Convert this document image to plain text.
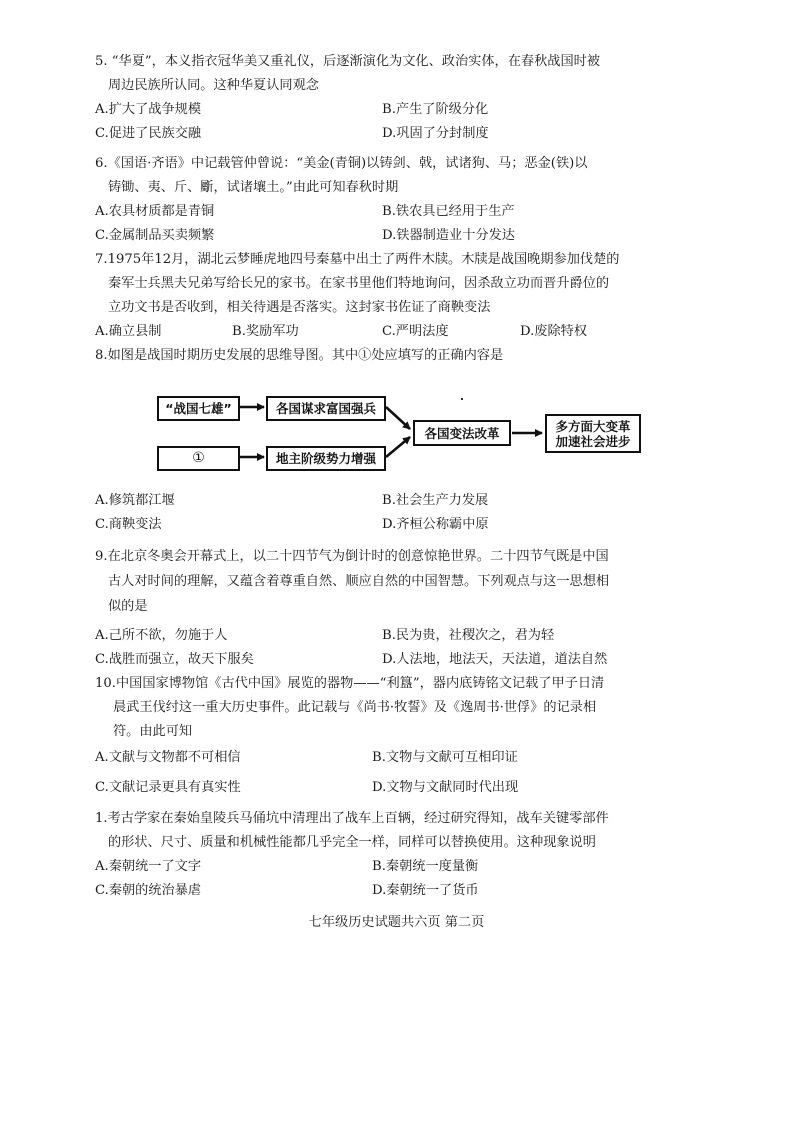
5. “华夏”，本义指衣冠华美又重礼仪，后逐渐演化为文化、政治实体，在春秋战国时被
周边民族所认同。这种华夏认同观念
A.扩大了战争规模	B.产生了阶级分化
C.促进了民族交融	D.巩固了分封制度
6.《国语·齐语》中记载管仲曾说：“美金(青铜)以铸剑、戟，试诸狗、马；恶金(铁)以
铸锄、夷、斤、斸，试诸壤土。”由此可知春秋时期
A.农具材质都是青铜	B.铁农具已经用于生产
C.金属制品买卖频繁	D.铁器制造业十分发达
7.1975年12月，湖北云梦睡虎地四号秦墓中出土了两件木牍。木牍是战国晚期参加伐楚的
秦军士兵黑夫兄弟写给长兄的家书。在家书里他们特地询问，因杀敌立功而晋升爵位的
立功文书是否收到，相关待遇是否落实。这封家书佐证了商鞅变法
A.确立县制	B.奖励军功	C.严明法度	D.废除特权
8.如图是战国时期历史发展的思维导图。其中①处应填写的正确内容是
“战国七雄”	各国谋求富国强兵
①	地主阶级势力增强
各国变法改革	多方面大变革
加速社会进步
A.修筑都江堰	B.社会生产力发展
C.商鞅变法	D.齐桓公称霸中原
9.在北京冬奥会开幕式上，以二十四节气为倒计时的创意惊艳世界。二十四节气既是中国
古人对时间的理解，又蕴含着尊重自然、顺应自然的中国智慧。下列观点与这一思想相
似的是
A.己所不欲，勿施于人	B.民为贵，社稷次之，君为轻
C.战胜而强立，故天下服矣	D.人法地，地法天，天法道，道法自然
10.中国国家博物馆《古代中国》展览的器物——“利簋”，器内底铸铭文记载了甲子日清
晨武王伐纣这一重大历史事件。此记载与《尚书·牧誓》及《逸周书·世俘》的记录相
符。由此可知
A.文献与文物都不可相信	B.文物与文献可互相印证
C.文献记录更具有真实性	D.文物与文献同时代出现
1.考古学家在秦始皇陵兵马俑坑中清理出了战车上百辆，经过研究得知，战车关键零部件
的形状、尺寸、质量和机械性能都几乎完全一样，同样可以替换使用。这种现象说明
A.秦朝统一了文字	B.秦朝统一度量衡
C.秦朝的统治暴虐	D.秦朝统一了货币
七年级历史试题共六页 第二页
